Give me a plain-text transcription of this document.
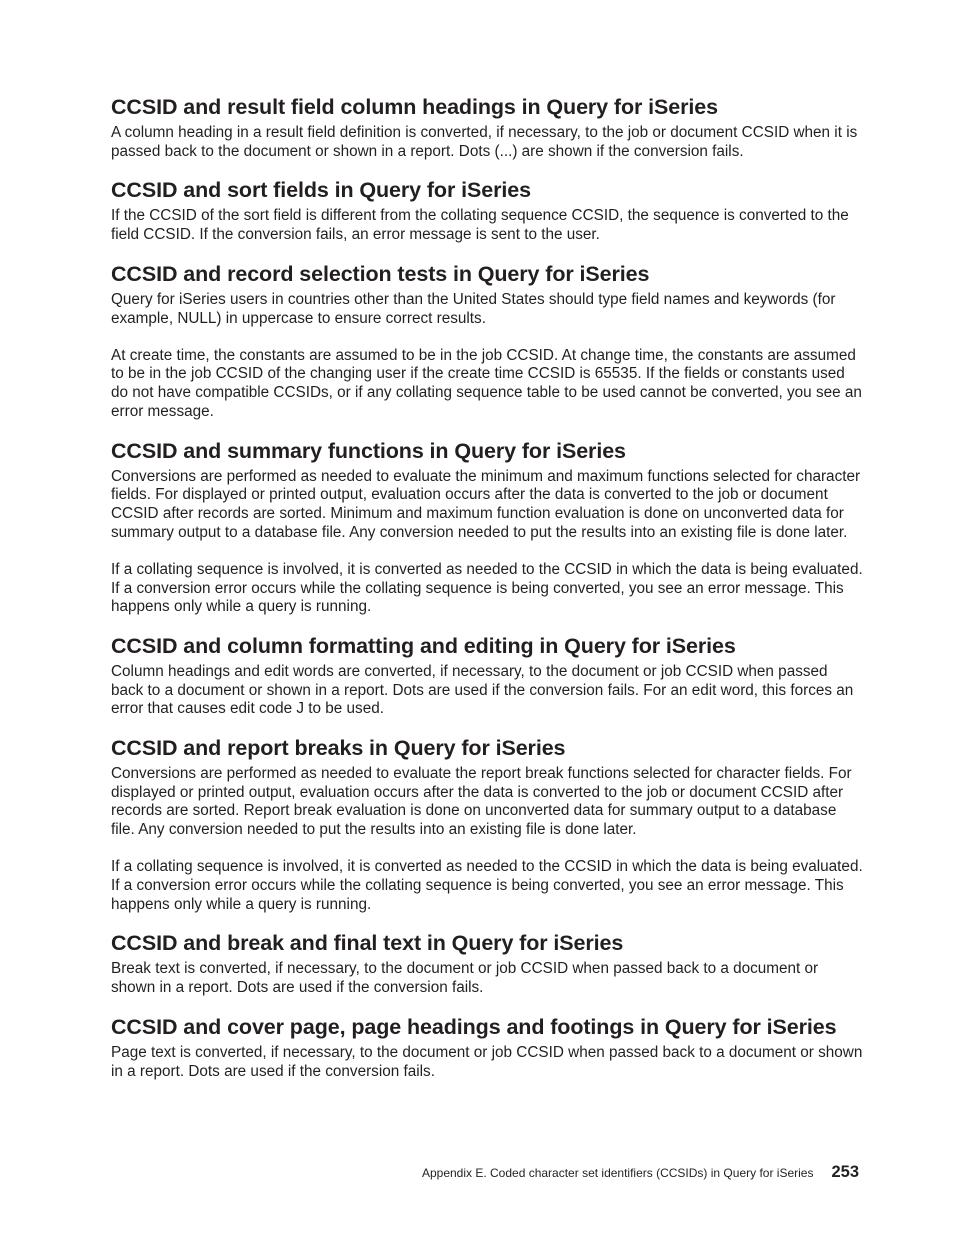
CCSID and result field column headings in Query for iSeries

A column heading in a result field definition is converted, if necessary, to the job or document CCSID when it is passed back to the document or shown in a report. Dots (...) are shown if the conversion fails.

CCSID and sort fields in Query for iSeries

If the CCSID of the sort field is different from the collating sequence CCSID, the sequence is converted to the field CCSID. If the conversion fails, an error message is sent to the user.

CCSID and record selection tests in Query for iSeries

Query for iSeries users in countries other than the United States should type field names and keywords (for example, NULL) in uppercase to ensure correct results.

At create time, the constants are assumed to be in the job CCSID. At change time, the constants are assumed to be in the job CCSID of the changing user if the create time CCSID is 65535. If the fields or constants used do not have compatible CCSIDs, or if any collating sequence table to be used cannot be converted, you see an error message.

CCSID and summary functions in Query for iSeries

Conversions are performed as needed to evaluate the minimum and maximum functions selected for character fields. For displayed or printed output, evaluation occurs after the data is converted to the job or document CCSID after records are sorted. Minimum and maximum function evaluation is done on unconverted data for summary output to a database file. Any conversion needed to put the results into an existing file is done later.

If a collating sequence is involved, it is converted as needed to the CCSID in which the data is being evaluated. If a conversion error occurs while the collating sequence is being converted, you see an error message. This happens only while a query is running.

CCSID and column formatting and editing in Query for iSeries

Column headings and edit words are converted, if necessary, to the document or job CCSID when passed back to a document or shown in a report. Dots are used if the conversion fails. For an edit word, this forces an error that causes edit code J to be used.

CCSID and report breaks in Query for iSeries

Conversions are performed as needed to evaluate the report break functions selected for character fields. For displayed or printed output, evaluation occurs after the data is converted to the job or document CCSID after records are sorted. Report break evaluation is done on unconverted data for summary output to a database file. Any conversion needed to put the results into an existing file is done later.

If a collating sequence is involved, it is converted as needed to the CCSID in which the data is being evaluated. If a conversion error occurs while the collating sequence is being converted, you see an error message. This happens only while a query is running.

CCSID and break and final text in Query for iSeries

Break text is converted, if necessary, to the document or job CCSID when passed back to a document or shown in a report. Dots are used if the conversion fails.

CCSID and cover page, page headings and footings in Query for iSeries

Page text is converted, if necessary, to the document or job CCSID when passed back to a document or shown in a report. Dots are used if the conversion fails.

Appendix E. Coded character set identifiers (CCSIDs) in Query for iSeries 253
